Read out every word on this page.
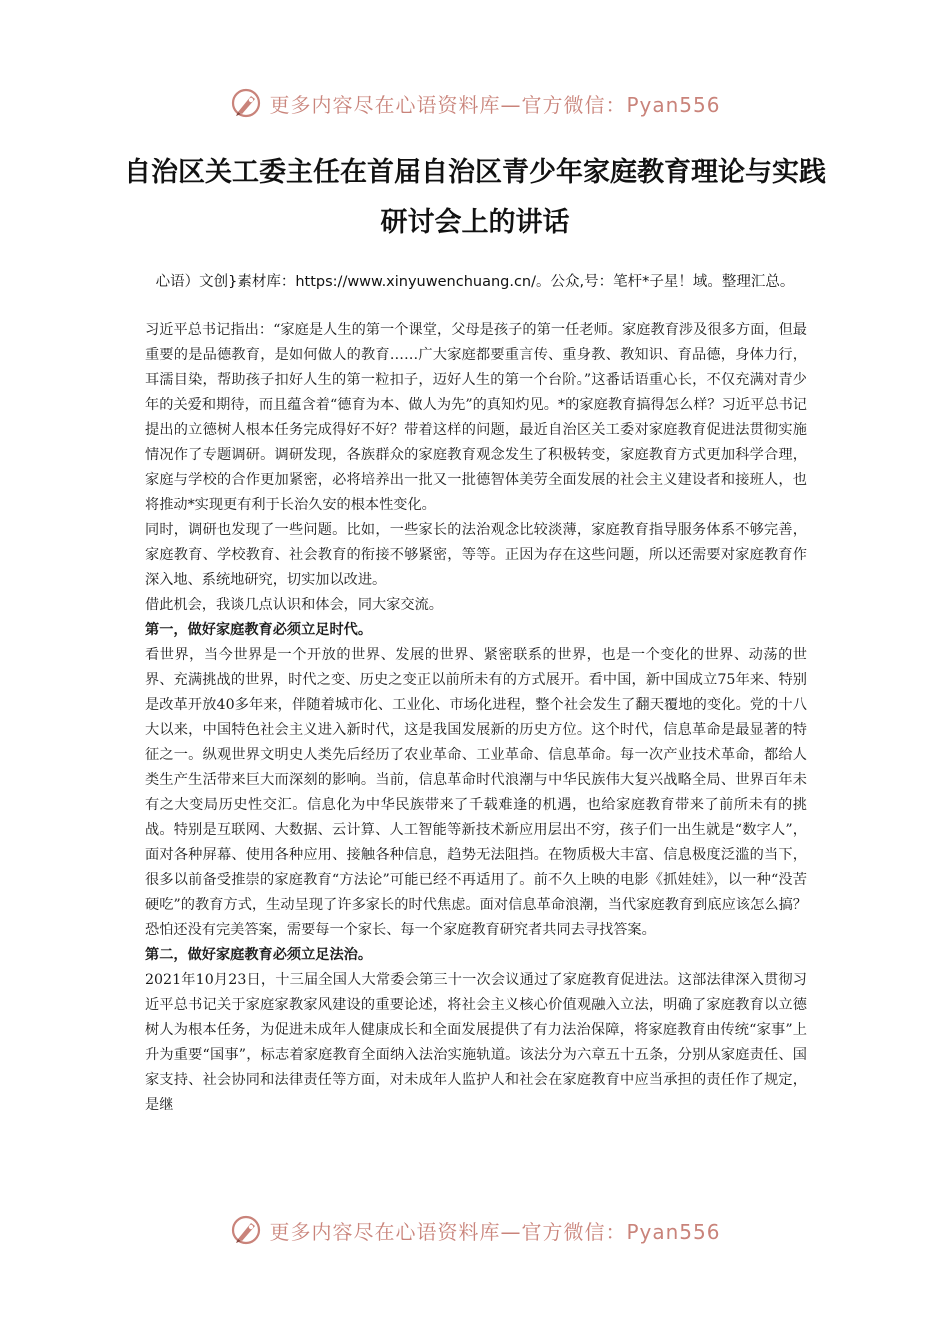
更多内容尽在心语资料库—官方微信：Pyan556
自治区关工委主任在首届自治区青少年家庭教育理论与实践研讨会上的讲话

心语）文创}素材库：https://www.xinyuwenchuang.cn/。公众,号：笔杆*子星！域。整理汇总。

习近平总书记指出：“家庭是人生的第一个课堂，父母是孩子的第一任老师。家庭教育涉及很多方面，但最重要的是品德教育，是如何做人的教育……广大家庭都要重言传、重身教、教知识、育品德，身体力行，耳濡目染，帮助孩子扣好人生的第一粒扣子，迈好人生的第一个台阶。”这番话语重心长，不仅充满对青少年的关爱和期待，而且蕴含着“德育为本、做人为先”的真知灼见。*的家庭教育搞得怎么样？习近平总书记提出的立德树人根本任务完成得好不好？带着这样的问题，最近自治区关工委对家庭教育促进法贯彻实施情况作了专题调研。调研发现，各族群众的家庭教育观念发生了积极转变，家庭教育方式更加科学合理，家庭与学校的合作更加紧密，必将培养出一批又一批德智体美劳全面发展的社会主义建设者和接班人，也将推动*实现更有利于长治久安的根本性变化。

同时，调研也发现了一些问题。比如，一些家长的法治观念比较淡薄，家庭教育指导服务体系不够完善，家庭教育、学校教育、社会教育的衔接不够紧密，等等。正因为存在这些问题，所以还需要对家庭教育作深入地、系统地研究，切实加以改进。

借此机会，我谈几点认识和体会，同大家交流。

第一，做好家庭教育必须立足时代。

看世界，当今世界是一个开放的世界、发展的世界、紧密联系的世界，也是一个变化的世界、动荡的世界、充满挑战的世界，时代之变、历史之变正以前所未有的方式展开。看中国，新中国成立75年来、特别是改革开放40多年来，伴随着城市化、工业化、市场化进程，整个社会发生了翻天覆地的变化。党的十八大以来，中国特色社会主义进入新时代，这是我国发展新的历史方位。这个时代，信息革命是最显著的特征之一。纵观世界文明史人类先后经历了农业革命、工业革命、信息革命。每一次产业技术革命，都给人类生产生活带来巨大而深刻的影响。当前，信息革命时代浪潮与中华民族伟大复兴战略全局、世界百年未有之大变局历史性交汇。信息化为中华民族带来了千载难逢的机遇，也给家庭教育带来了前所未有的挑战。特别是互联网、大数据、云计算、人工智能等新技术新应用层出不穷，孩子们一出生就是“数字人”，面对各种屏幕、使用各种应用、接触各种信息，趋势无法阻挡。在物质极大丰富、信息极度泛滥的当下，很多以前备受推崇的家庭教育“方法论”可能已经不再适用了。前不久上映的电影《抓娃娃》，以一种“没苦硬吃”的教育方式，生动呈现了许多家长的时代焦虑。面对信息革命浪潮，当代家庭教育到底应该怎么搞？恐怕还没有完美答案，需要每一个家长、每一个家庭教育研究者共同去寻找答案。

第二，做好家庭教育必须立足法治。

2021年10月23日，十三届全国人大常委会第三十一次会议通过了家庭教育促进法。这部法律深入贯彻习近平总书记关于家庭家教家风建设的重要论述，将社会主义核心价值观融入立法，明确了家庭教育以立德树人为根本任务，为促进未成年人健康成长和全面发展提供了有力法治保障，将家庭教育由传统“家事”上升为重要“国事”，标志着家庭教育全面纳入法治实施轨道。该法分为六章五十五条，分别从家庭责任、国家支持、社会协同和法律责任等方面，对未成年人监护人和社会在家庭教育中应当承担的责任作了规定，是继

更多内容尽在心语资料库—官方微信：Pyan556
